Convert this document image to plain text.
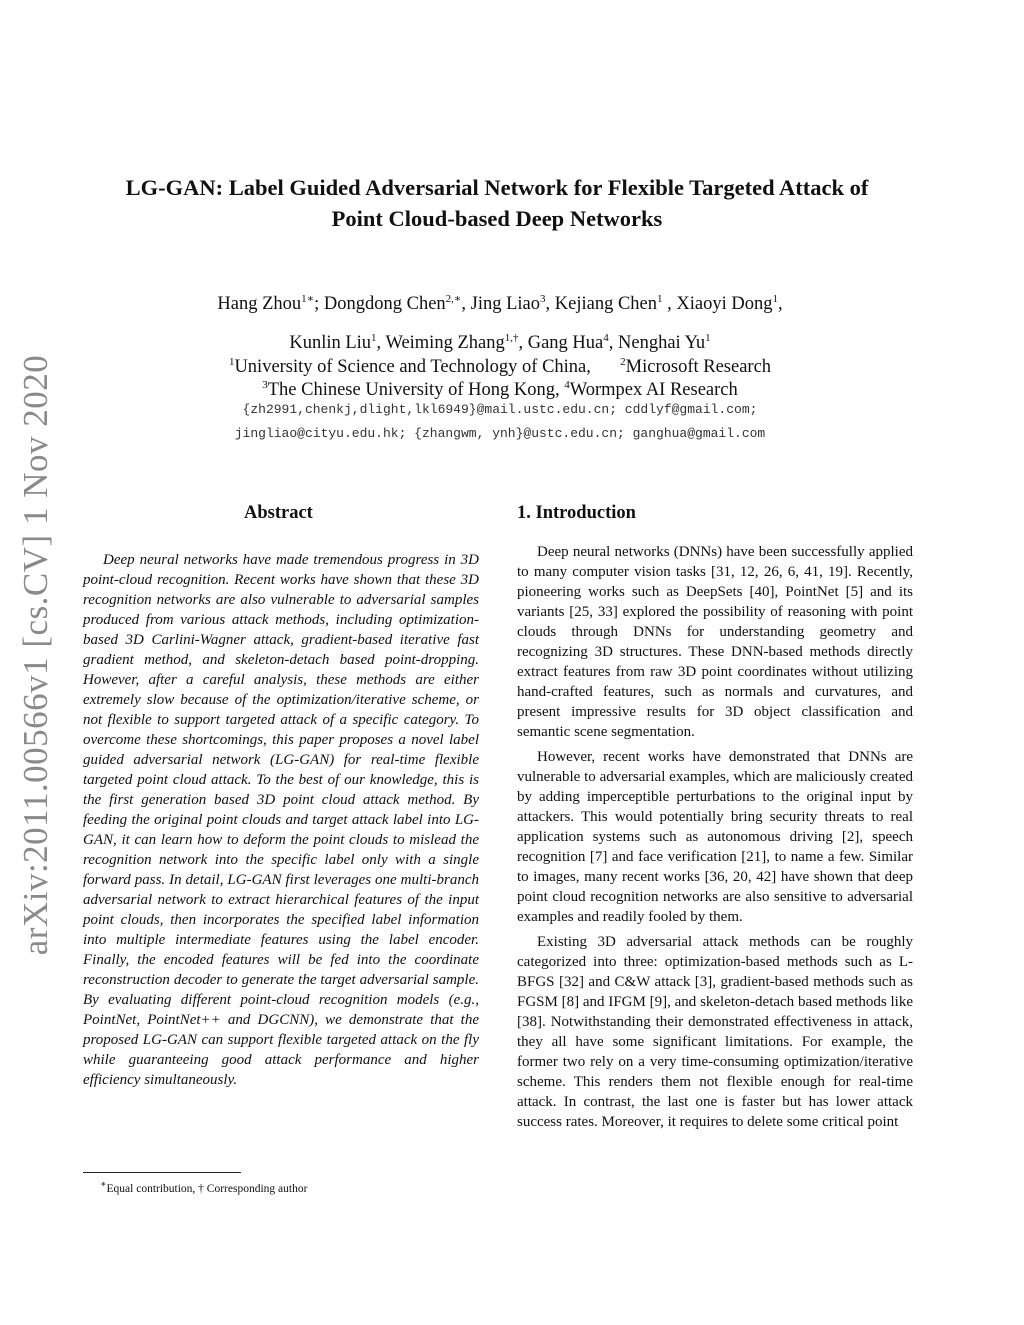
arXiv:2011.00566v1 [cs.CV] 1 Nov 2020
LG-GAN: Label Guided Adversarial Network for Flexible Targeted Attack of
Point Cloud-based Deep Networks
Hang Zhou$^{1∗}$; Dongdong Chen$^{2,∗}$, Jing Liao$^3$, Kejiang Chen$^1$ , Xiaoyi Dong$^1$,
Kunlin Liu$^1$, Weiming Zhang$^{1,\dagger}$, Gang Hua$^4$, Nenghai Yu$^1$
$^1$University of Science and Technology of China,	$^2$Microsoft Research
$^3$The Chinese University of Hong Kong, $^4$Wormpex AI Research
{zh2991,chenkj,dlight,lkl6949}@mail.ustc.edu.cn; cddlyf@gmail.com;
jingliao@cityu.edu.hk; {zhangwm, ynh}@ustc.edu.cn; ganghua@gmail.com
Abstract

Deep neural networks have made tremendous progress in 3D point-cloud recognition. Recent works have shown that these 3D recognition networks are also vulnerable to adversarial samples produced from various attack methods, including optimization-based 3D Carlini-Wagner attack, gradient-based iterative fast gradient method, and skeleton-detach based point-dropping. However, after a careful analysis, these methods are either extremely slow because of the optimization/iterative scheme, or not flexible to support targeted attack of a specific category. To overcome these shortcomings, this paper proposes a novel label guided adversarial network (LG-GAN) for real-time flexible targeted point cloud attack. To the best of our knowledge, this is the first generation based 3D point cloud attack method. By feeding the original point clouds and target attack label into LG-GAN, it can learn how to deform the point clouds to mislead the recognition network into the specific label only with a single forward pass. In detail, LG-GAN first leverages one multi-branch adversarial network to extract hierarchical features of the input point clouds, then incorporates the specified label information into multiple intermediate features using the label encoder. Finally, the encoded features will be fed into the coordinate reconstruction decoder to generate the target adversarial sample. By evaluating different point-cloud recognition models (e.g., PointNet, PointNet++ and DGCNN), we demonstrate that the proposed LG-GAN can support flexible targeted attack on the fly while guaranteeing good attack performance and higher efficiency simultaneously.

1. Introduction

Deep neural networks (DNNs) have been successfully applied to many computer vision tasks [31, 12, 26, 6, 41, 19]. Recently, pioneering works such as DeepSets [40], PointNet [5] and its variants [25, 33] explored the possibility of reasoning with point clouds through DNNs for understanding geometry and recognizing 3D structures. These DNN-based methods directly extract features from raw 3D point coordinates without utilizing hand-crafted features, such as normals and curvatures, and present impressive results for 3D object classification and semantic scene segmentation.

However, recent works have demonstrated that DNNs are vulnerable to adversarial examples, which are maliciously created by adding imperceptible perturbations to the original input by attackers. This would potentially bring security threats to real application systems such as autonomous driving [2], speech recognition [7] and face verification [21], to name a few. Similar to images, many recent works [36, 20, 42] have shown that deep point cloud recognition networks are also sensitive to adversarial examples and readily fooled by them.

Existing 3D adversarial attack methods can be roughly categorized into three: optimization-based methods such as L-BFGS [32] and C&W attack [3], gradient-based methods such as FGSM [8] and IFGM [9], and skeleton-detach based methods like [38]. Notwithstanding their demonstrated effectiveness in attack, they all have some significant limitations. For example, the former two rely on a very time-consuming optimization/iterative scheme. This renders them not flexible enough for real-time attack. In contrast, the last one is faster but has lower attack success rates. Moreover, it requires to delete some critical point

∗Equal contribution, † Corresponding author
